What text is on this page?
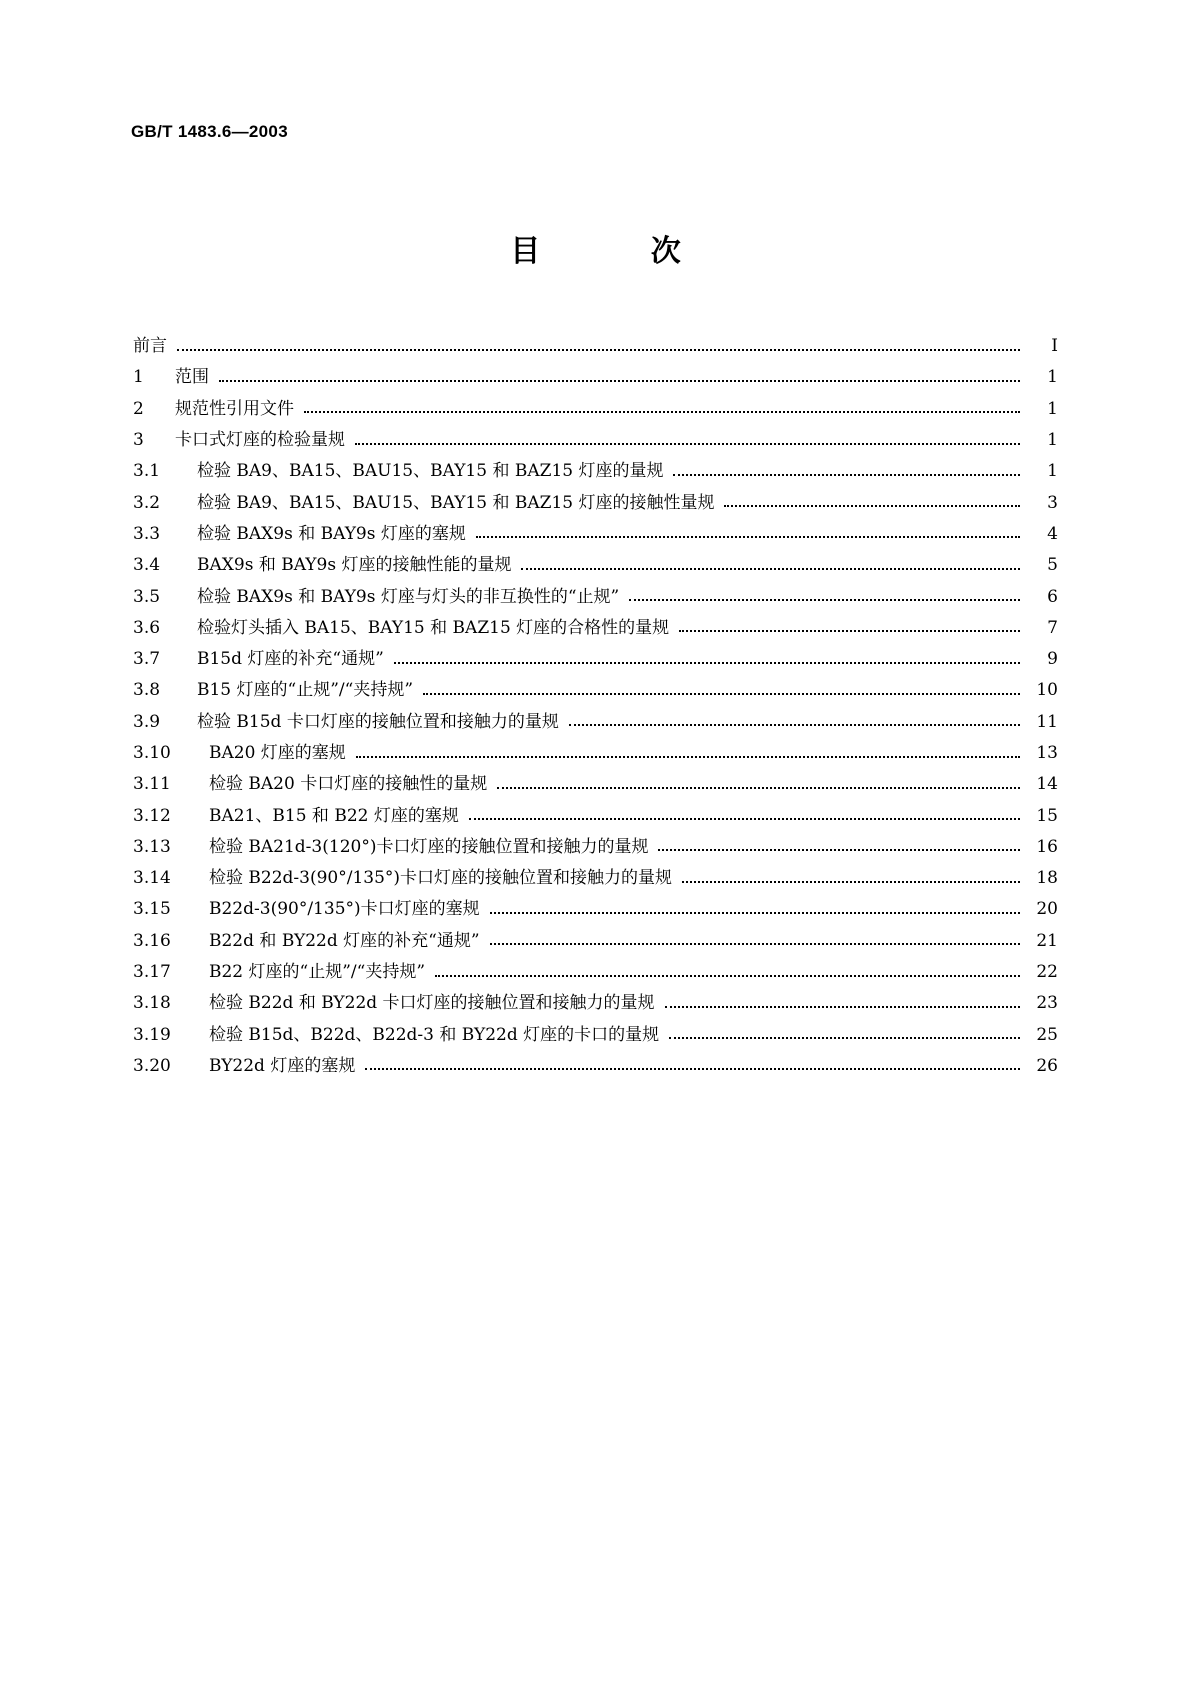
GB/T 1483.6—2003
目 次
前言	I
1	范围	1
2	规范性引用文件	1
3	卡口式灯座的检验量规	1
3.1	检验 BA9、BA15、BAU15、BAY15 和 BAZ15 灯座的量规	1
3.2	检验 BA9、BA15、BAU15、BAY15 和 BAZ15 灯座的接触性量规	3
3.3	检验 BAX9s 和 BAY9s 灯座的塞规	4
3.4	BAX9s 和 BAY9s 灯座的接触性能的量规	5
3.5	检验 BAX9s 和 BAY9s 灯座与灯头的非互换性的“止规”	6
3.6	检验灯头插入 BA15、BAY15 和 BAZ15 灯座的合格性的量规	7
3.7	B15d 灯座的补充“通规”	9
3.8	B15 灯座的“止规”/“夹持规”	10
3.9	检验 B15d 卡口灯座的接触位置和接触力的量规	11
3.10	BA20 灯座的塞规	13
3.11	检验 BA20 卡口灯座的接触性的量规	14
3.12	BA21、B15 和 B22 灯座的塞规	15
3.13	检验 BA21d-3(120°)卡口灯座的接触位置和接触力的量规	16
3.14	检验 B22d-3(90°/135°)卡口灯座的接触位置和接触力的量规	18
3.15	B22d-3(90°/135°)卡口灯座的塞规	20
3.16	B22d 和 BY22d 灯座的补充“通规”	21
3.17	B22 灯座的“止规”/“夹持规”	22
3.18	检验 B22d 和 BY22d 卡口灯座的接触位置和接触力的量规	23
3.19	检验 B15d、B22d、B22d-3 和 BY22d 灯座的卡口的量规	25
3.20	BY22d 灯座的塞规	26
